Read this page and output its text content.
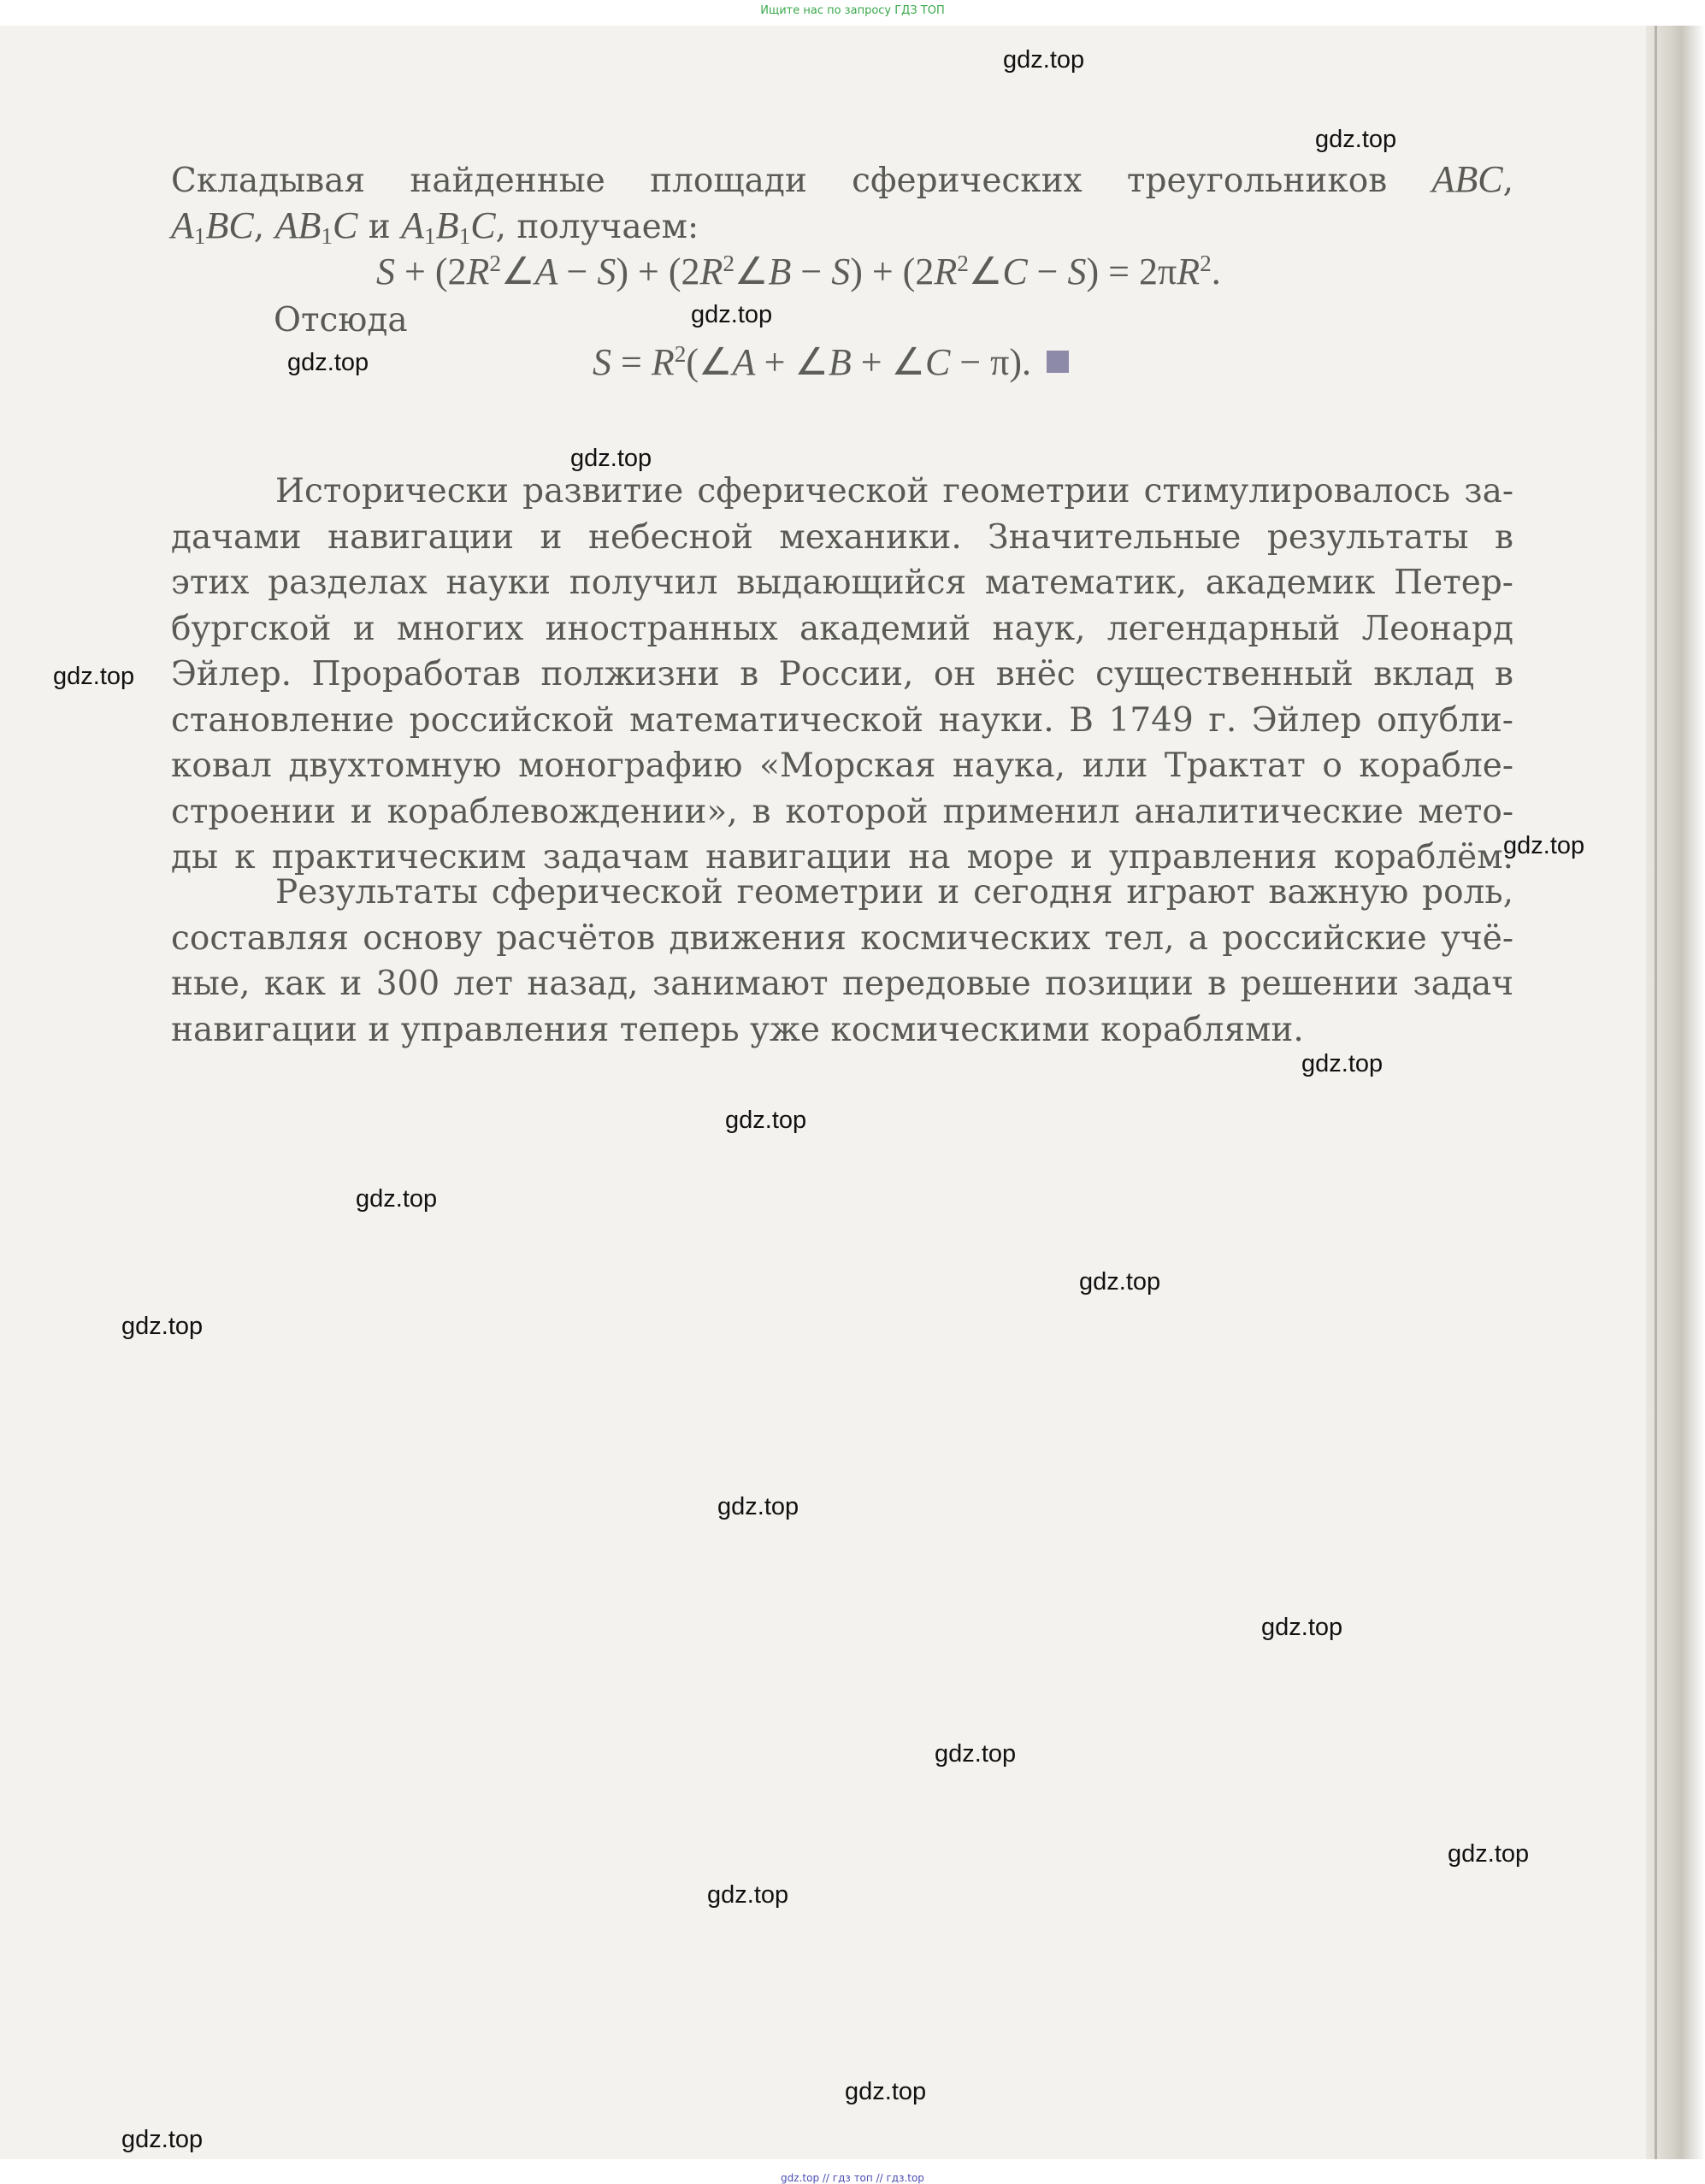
Ищите нас по запросу ГДЗ ТОП
Складывая найденные площади сферических треугольников ABC,
$A_1BC$, $AB_1C$ и $A_1B_1C$, получаем:
$S + (2R^2\angle A - S)$ + $(2R^2\angle B - S)$ + $(2R^2\angle C - S) = 2\pi R^2$.
Отсюда
$S = R^2(\angle A$ + ∠B + ∠C − π).
Исторически развитие сферической геометрии стимулировалось за-
дачами навигации и небесной механики. Значительные результаты в
этих разделах науки получил выдающийся математик, академик Петер-
бургской и многих иностранных академий наук, легендарный Леонард
Эйлер. Проработав полжизни в России, он внёс существенный вклад в
становление российской математической науки. В 1749 г. Эйлер опубли-
ковал двухтомную монографию «Морская наука, или Трактат о корабле-
строении и кораблевождении», в которой применил аналитические мето-
ды к практическим задачам навигации на море и управления кораблём.
Результаты сферической геометрии и сегодня играют важную роль,
составляя основу расчётов движения космических тел, а российские учё-
ные, как и 300 лет назад, занимают передовые позиции в решении задач
навигации и управления теперь уже космическими кораблями.
gdz.top
gdz.top
gdz.top
gdz.top
gdz.top
gdz.top
gdz.top
gdz.top
gdz.top
gdz.top
gdz.top
gdz.top
gdz.top
gdz.top
gdz.top
gdz.top
gdz.top
gdz.top
gdz.top
gdz.top // гдз топ // гдз.top
